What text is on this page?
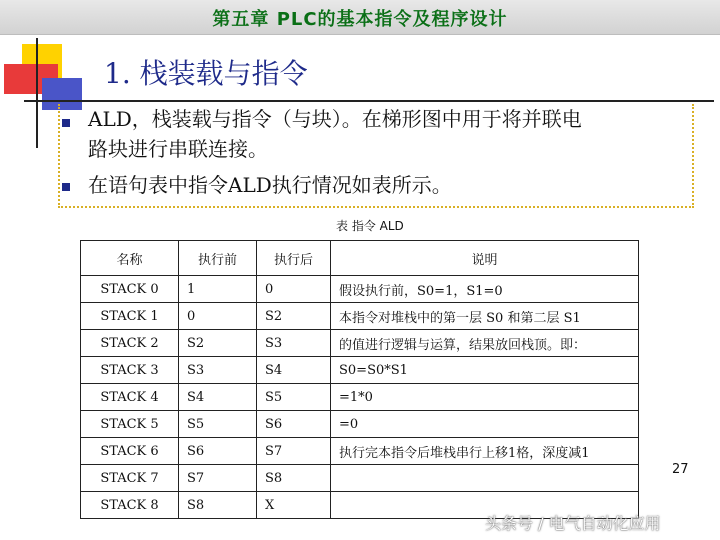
第五章 PLC的基本指令及程序设计
1. 栈装载与指令
ALD，栈装载与指令（与块）。在梯形图中用于将并联电
路块进行串联连接。
在语句表中指令ALD执行情况如表所示。
表 指令 ALD
名称	执行前	执行后	说明
STACK 0	1	0	假设执行前，S0=1，S1=0
STACK 1	0	S2	本指令对堆栈中的第一层 S0 和第二层 S1
STACK 2	S2	S3	的值进行逻辑与运算，结果放回栈顶。即：
STACK 3	S3	S4	S0=S0*S1
STACK 4	S4	S5	=1*0
STACK 5	S5	S6	=0
STACK 6	S6	S7	执行完本指令后堆栈串行上移1格，深度减1
STACK 7	S7	S8	
STACK 8	S8	X	
27
头条号 / 电气自动化应用
